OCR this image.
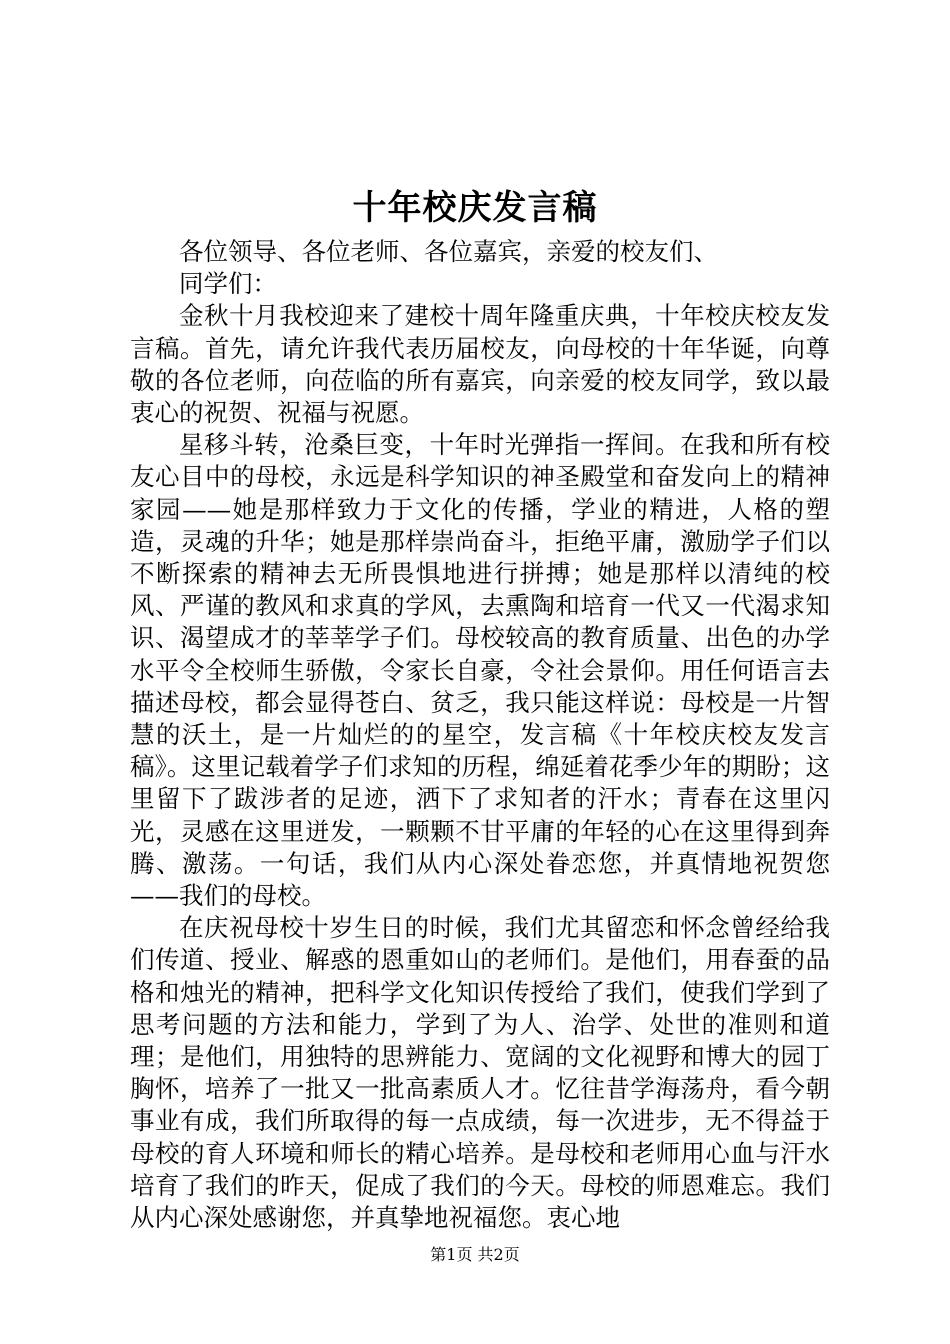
十年校庆发言稿

各位领导、各位老师、各位嘉宾，亲爱的校友们、

同学们：

金秋十月我校迎来了建校十周年隆重庆典，十年校庆校友发言稿。首先，请允许我代表历届校友，向母校的十年华诞，向尊敬的各位老师，向莅临的所有嘉宾，向亲爱的校友同学，致以最衷心的祝贺、祝福与祝愿。

星移斗转，沧桑巨变，十年时光弹指一挥间。在我和所有校友心目中的母校，永远是科学知识的神圣殿堂和奋发向上的精神家园——她是那样致力于文化的传播，学业的精进，人格的塑造，灵魂的升华；她是那样崇尚奋斗，拒绝平庸，激励学子们以不断探索的精神去无所畏惧地进行拼搏；她是那样以清纯的校风、严谨的教风和求真的学风，去熏陶和培育一代又一代渴求知识、渴望成才的莘莘学子们。母校较高的教育质量、出色的办学水平令全校师生骄傲，令家长自豪，令社会景仰。用任何语言去描述母校，都会显得苍白、贫乏，我只能这样说：母校是一片智慧的沃土，是一片灿烂的的星空，发言稿《十年校庆校友发言稿》。这里记载着学子们求知的历程，绵延着花季少年的期盼；这里留下了跋涉者的足迹，洒下了求知者的汗水；青春在这里闪光，灵感在这里迸发，一颗颗不甘平庸的年轻的心在这里得到奔腾、激荡。一句话，我们从内心深处眷恋您，并真情地祝贺您——我们的母校。

在庆祝母校十岁生日的时候，我们尤其留恋和怀念曾经给我们传道、授业、解惑的恩重如山的老师们。是他们，用春蚕的品格和烛光的精神，把科学文化知识传授给了我们，使我们学到了思考问题的方法和能力，学到了为人、治学、处世的准则和道理；是他们，用独特的思辨能力、宽阔的文化视野和博大的园丁胸怀，培养了一批又一批高素质人才。忆往昔学海荡舟，看今朝事业有成，我们所取得的每一点成绩，每一次进步，无不得益于母校的育人环境和师长的精心培养。是母校和老师用心血与汗水培育了我们的昨天，促成了我们的今天。母校的师恩难忘。我们从内心深处感谢您，并真挚地祝福您。衷心地

第1页 共2页
